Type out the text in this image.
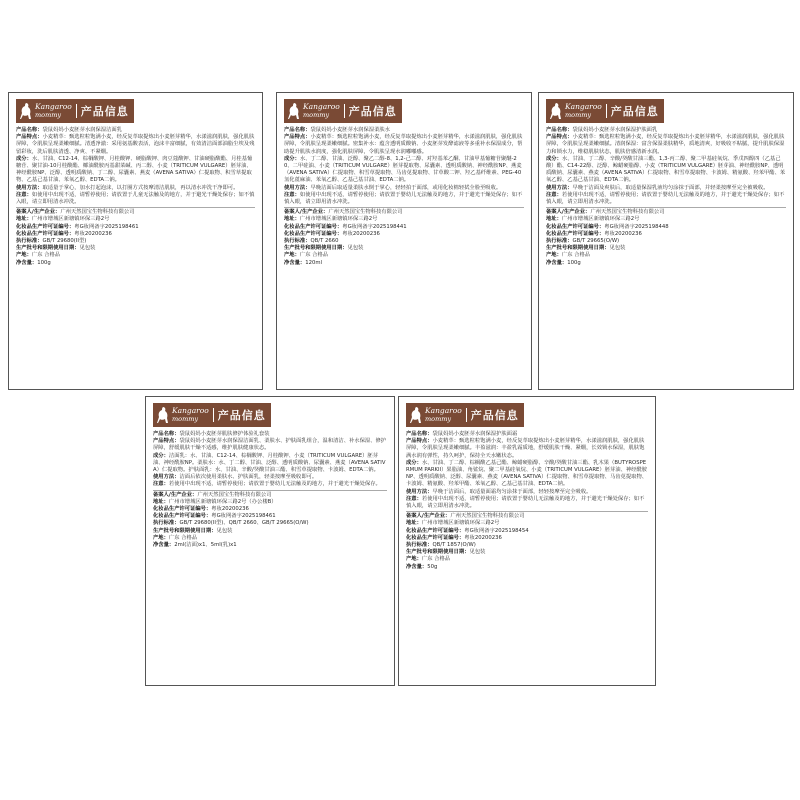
Kangaroo
mommy	产品信息

产品名称：袋鼠妈妈小麦胚芽水润保湿洁面乳

产品特点：小麦精萃：甄选粒粒饱满小麦，经反复萃取提炼出小麦胚芽精华，水漾滋润肌肤，强化肌肤屏障，令肌肤呈现柔嫩细腻。清透净澈：采用氨基酸表活，泡沫丰富细腻，有效清洁面部油脂尘埃及残留彩妆，洗后肌肤清透、净爽、不紧绷。

成分：水、甘油、C12-14、棕榈酸钾、月桂酸钾、硬脂酸钾、肉豆蔻酸钾、甘油硬脂酸酯、月桂基葡糖苷、聚甘油-10月桂酸酯、椰油酰胺丙基甜菜碱、丙二醇、小麦（TRITICUM VULGARE）胚芽油、神经酰胺NP、泛醇、透明质酸钠、丁二醇、尿囊素、燕麦（AVENA SATIVA）仁提取物、积雪草提取物、乙基己基甘油、苯氧乙醇、EDTA二钠。

使用方法：取适量于掌心，加水打起泡沫，以打圈方式按摩清洁肌肤，再以清水冲洗干净即可。

注意：如使用中出现不适，请暂停使用；请放置于儿童无法触及的地方，并于避光干燥处保存；如不慎入眼，请立即用清水冲洗。

备案人/生产企业：广州天然国宝生物科技有限公司

地址：广州市增城区新塘镇环保三路2号

化妆品生产许可证编号：粤G妆网备字2025198461

化妆品生产许可证编号：粤妆20200236

执行标准：GB/T 29680(II型)

生产批号和限期使用日期：见包装

产地：广东 合格品

净含量：100g

Kangaroo
mommy	产品信息

产品名称：袋鼠妈妈小麦胚芽水润保湿柔肤水

产品特点：小麦精萃：甄选粒粒饱满小麦，经反复萃取提炼出小麦胚芽精华，水漾滋润肌肤，强化肌肤屏障，令肌肤呈现柔嫩细腻。密集补水：蕴含透明质酸钠、小麦胚芽发酵滤液等多重补水保湿成分，帮助提升肌肤水润度，强化肌肤屏障，令肌肤呈现水润嘟嘟感。

成分：水、丁二醇、甘油、泛醇、聚乙二醇-8、1,2-己二醇、对羟基苯乙酮、甘油甲基葡糖苷聚醚-20、二甲硅油、小麦（TRITICUM VULGARE）胚芽提取物、尿囊素、透明质酸钠、神经酰胺NP、燕麦（AVENA SATIVA）仁提取物、积雪草提取物、马齿苋提取物、甘草酸二钾、羟乙基纤维素、PEG-40氢化蓖麻油、苯氧乙醇、乙基己基甘油、EDTA二钠。

使用方法：早晚洁面后取适量柔肤水倒于掌心，轻轻拍于面部，或用化妆棉轻拭全脸至吸收。

注意：如使用中出现不适，请暂停使用；请放置于婴幼儿无法触及的地方，并于避光干燥处保存；如不慎入眼，请立即用清水冲洗。

备案人/生产企业：广州天然国宝生物科技有限公司

地址：广州市增城区新塘镇环保三路2号

化妆品生产许可证编号：粤G妆网备字2025198441

化妆品生产许可证编号：粤妆20200236

执行标准：QB/T 2660

生产批号和限期使用日期：见包装

产地：广东 合格品

净含量：120ml

Kangaroo
mommy	产品信息

产品名称：袋鼠妈妈小麦胚芽水润保湿护肤面乳

产品特点：小麦精萃：甄选粒粒饱满小麦，经反复萃取提炼出小麦胚芽精华，水漾滋润肌肤，强化肌肤屏障，令肌肤呈现柔嫩细腻。清润保湿：富含保湿柔肤精华，质地清爽，好吸收不粘腻，提升肌肤保湿力和锁水力，维稳肌肤状态，肌肤倍感清新水润。

成分：水、甘油、丁二醇、辛酸/癸酸甘油三酯、1,3-丙二醇、聚二甲基硅氧烷、季戊四醇四（乙基己酸）酯、C14-22醇、泛醇、鲸蜡硬脂醇、小麦（TRITICUM VULGARE）胚芽油、神经酰胺NP、透明质酸钠、尿囊素、燕麦（AVENA SATIVA）仁提取物、积雪草提取物、卡波姆、精氨酸、羟苯甲酯、苯氧乙醇、乙基己基甘油、EDTA二钠。

使用方法：早晚于洁面及爽肤后，取适量保湿乳液均匀涂抹于面部，并轻柔按摩至完全被吸收。

注意：若使用中出现不适，请暂停使用；请放置于婴幼儿无法触及的地方，并于避光干燥处保存；如不慎入眼，请立即用清水冲洗。

备案人/生产企业：广州天然国宝生物科技有限公司

地址：广州市增城区新塘镇环保三路2号

化妆品生产许可证编号：粤G妆网备字2025198448

化妆品生产许可证编号：粤妆20200236

执行标准：GB/T 29665(O/W)

生产批号和限期使用日期：见包装

产地：广东 合格品

净含量：100g

Kangaroo
mommy	产品信息

产品名称：袋鼠妈妈小麦胚芽肌肤修护体验礼套装

产品特点：袋鼠妈妈小麦胚芽水润保湿洁面乳、柔肤水、护肤面乳组合，温和清洁、补水保湿、修护屏障，舒缓肌肤干燥不适感，维护肌肤健康状态。

成分：洁面乳：水、甘油、C12-14、棕榈酸钾、月桂酸钾、小麦（TRITICUM VULGARE）胚芽油、神经酰胺NP。柔肤水：水、丁二醇、甘油、泛醇、透明质酸钠、尿囊素、燕麦（AVENA SATIVA）仁提取物。护肤面乳：水、甘油、辛酸/癸酸甘油三酯、积雪草提取物、卡波姆、EDTA二钠。

使用方法：洁面后依次使用柔肤水、护肤面乳，轻柔按摩至吸收即可。

注意：若使用中出现不适，请暂停使用；请放置于婴幼儿无法触及的地方，并于避光干燥处保存。

备案人/生产企业：广州天然国宝生物科技有限公司

地址：广州市增城区新塘镇环保三路2号（办公楼B）

化妆品生产许可证编号：粤妆20200236

化妆品生产许可证编号：粤G妆网备字2025198461

执行标准：GB/T 29680(II型)、QB/T 2660、GB/T 29665(O/W)

生产批号和限期使用日期：见包装

产地：广东 合格品

净含量：2ml(洁面)x1、5ml(乳)x1

Kangaroo
mommy	产品信息

产品名称：袋鼠妈妈小麦胚芽水润保湿护肤面霜

产品特点：小麦精萃：甄选粒粒饱满小麦，经反复萃取提炼出小麦胚芽精华，水漾滋润肌肤，强化肌肤屏障，令肌肤呈现柔嫩细腻。丰盈滋润：丰盈乳霜质地，舒缓肌肤干燥、紧绷，长效锁水保湿，肌肤饱满水润有弹性，持久呵护，保持全天水嫩状态。

成分：水、甘油、丁二醇、棕榈酸乙基己酯、鲸蜡硬脂醇、辛酸/癸酸甘油三酯、乳木果（BUTYROSPERMUM PARKII）果脂油、角鲨烷、聚二甲基硅氧烷、小麦（TRITICUM VULGARE）胚芽油、神经酰胺NP、透明质酸钠、泛醇、尿囊素、燕麦（AVENA SATIVA）仁提取物、积雪草提取物、马齿苋提取物、卡波姆、精氨酸、羟苯甲酯、苯氧乙醇、乙基己基甘油、EDTA二钠。

使用方法：早晚于洁面后，取适量面霜均匀涂抹于面部，轻轻按摩至完全吸收。

注意：若使用中出现不适，请暂停使用；请放置于婴幼儿无法触及的地方，并于避光干燥处保存；如不慎入眼，请立即用清水冲洗。

备案人/生产企业：广州天然国宝生物科技有限公司

地址：广州市增城区新塘镇环保三路2号

化妆品生产许可证编号：粤G妆网备字2025198454

化妆品生产许可证编号：粤妆20200236

执行标准：QB/T 1857(O/W)

生产批号和限期使用日期：见包装

产地：广东 合格品

净含量：50g
